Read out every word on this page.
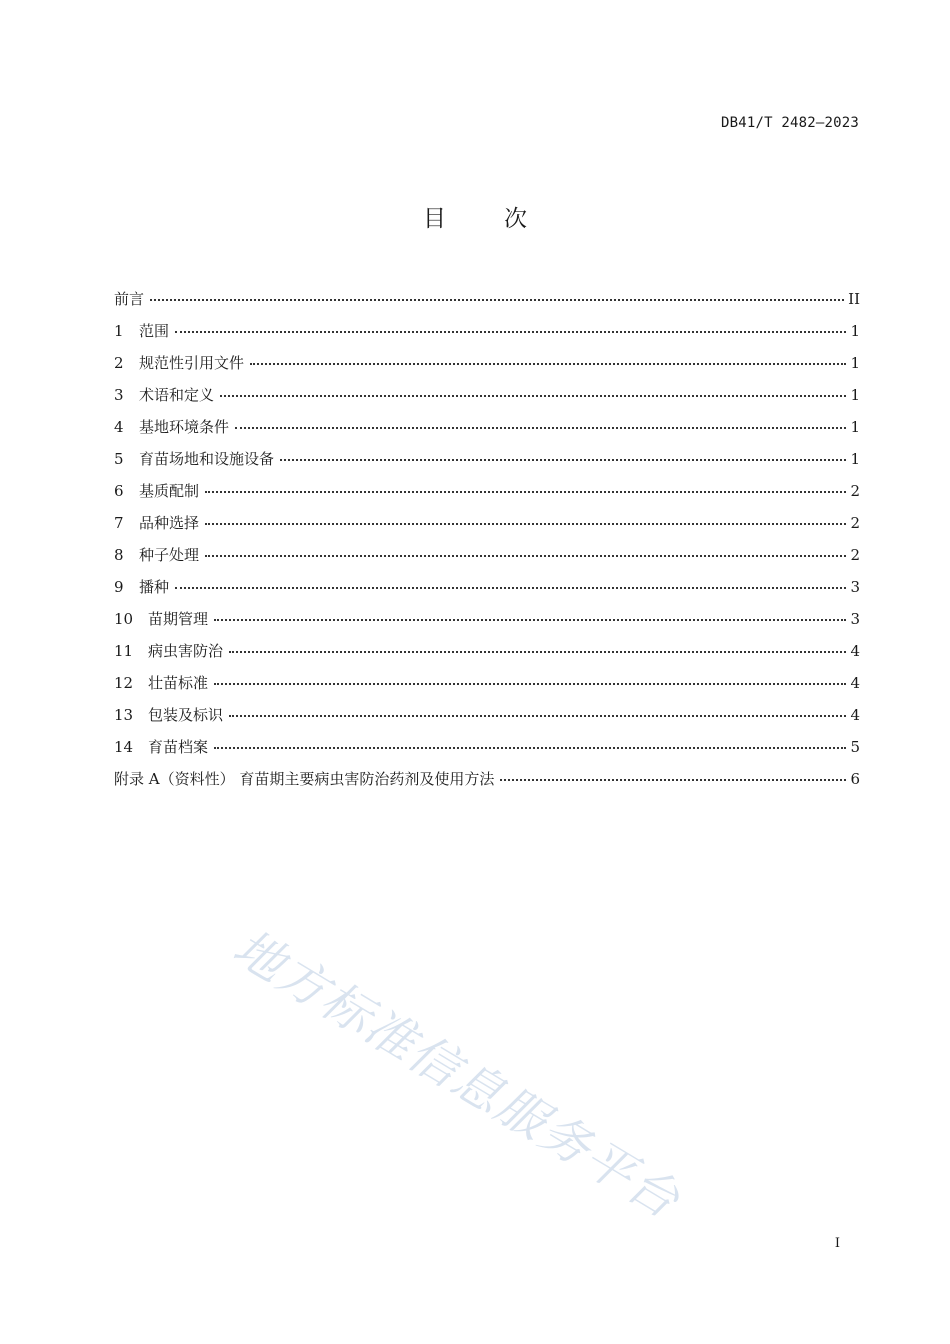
DB41/T 2482—2023
目	次
前言	II
1	范围	1
2	规范性引用文件	1
3	术语和定义	1
4	基地环境条件	1
5	育苗场地和设施设备	1
6	基质配制	2
7	品种选择	2
8	种子处理	2
9	播种	3
10 苗期管理	3
11 病虫害防治	4
12 壮苗标准	4
13 包装及标识	4
14 育苗档案	5
附录 A（资料性） 育苗期主要病虫害防治药剂及使用方法	6
地方标准信息服务平台
I
